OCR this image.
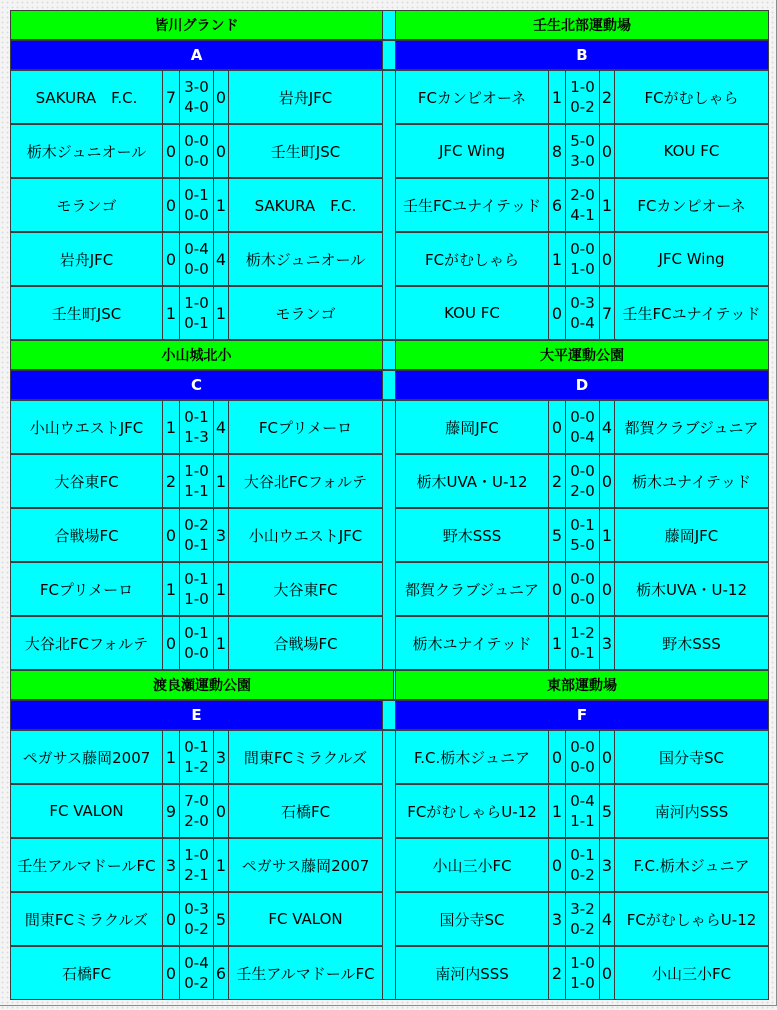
皆川グランド	壬生北部運動場
A	B
SAKURA　F.C.	7
3-0
4-0
0	岩舟JFC
栃木ジュニオール	0
0-0
0-0
0	壬生町JSC
モランゴ	0
0-1
0-0
1	SAKURA　F.C.
岩舟JFC	0
0-4
0-0
4	栃木ジュニオール
壬生町JSC	1
1-0
0-1
1	モランゴ
FCカンピオーネ	1
1-0
0-2
2	FCがむしゃら
JFC Wing	8
5-0
3-0
0	KOU FC
壬生FCユナイテッド 6
2-0
4-1
1	FCカンピオーネ
FCがむしゃら	1
0-0
1-0
0	JFC Wing
KOU FC	0
0-3
0-4
7 壬生FCユナイテッド
小山城北小	大平運動公園
C	D
小山ウエストJFC	1
0-1
1-3
4	FCプリメーロ
大谷東FC	2
1-0
1-1
1	大谷北FCフォルテ
合戦場FC	0
0-2
0-1
3	小山ウエストJFC
FCプリメーロ	1
0-1
1-0
1	大谷東FC
大谷北FCフォルテ	0
0-1
0-0
1	合戦場FC
藤岡JFC	0
0-0
0-4
4 都賀クラブジュニア
栃木UVA・U-12	2
0-0
2-0
0	栃木ユナイテッド
野木SSS	5
0-1
5-0
1	藤岡JFC
都賀クラブジュニア 0
0-0
0-0
0	栃木UVA・U-12
栃木ユナイテッド	1
1-2
0-1
3	野木SSS
渡良瀬運動公園	東部運動場
E	F
ペガサス藤岡2007 1
0-1
1-2
3	間東FCミラクルズ
FC VALON	9
7-0
2-0
0	石橋FC
壬生アルマドールFC 3
1-0
2-1
1	ペガサス藤岡2007
間東FCミラクルズ	0
0-3
0-2
5	FC VALON
石橋FC	0
0-4
0-2
6 壬生アルマドールFC
F.C.栃木ジュニア	0
0-0
0-0
0	国分寺SC
FCがむしゃらU-12 1
0-4
1-1
5	南河内SSS
小山三小FC	0
0-1
0-2
3	F.C.栃木ジュニア
国分寺SC	3
3-2
0-2
4 FCがむしゃらU-12
南河内SSS	2
1-0
1-0
0	小山三小FC
